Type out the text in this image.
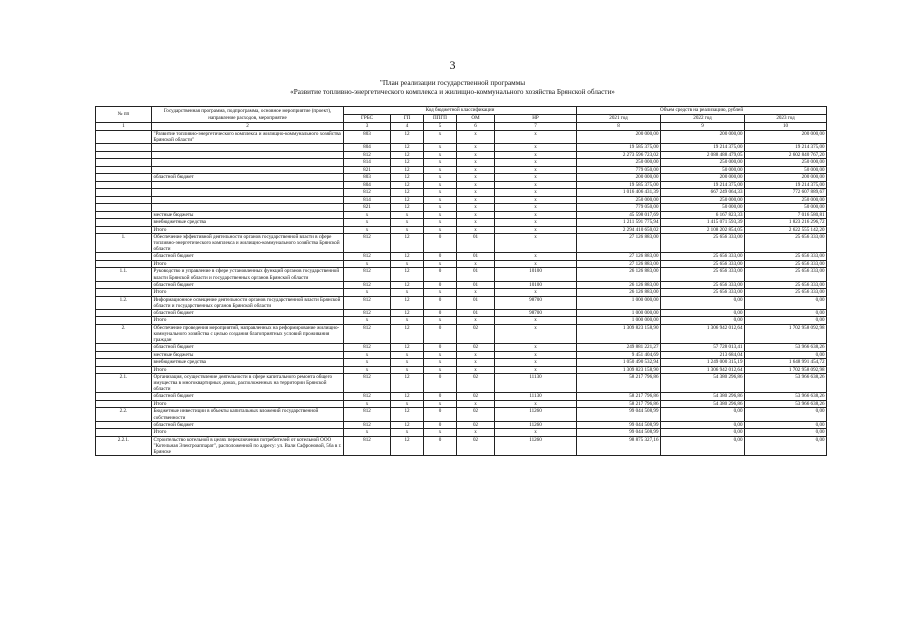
3
"План реализации государственной программы
«Развитие топливно-энергетического комплекса и жилищно-коммунального хозяйства Брянской области»
№ пп	Государственная программа, подпрограмма, основное мероприятие (проект), направление расходов, мероприятие	Код бюджетной классификации					Объем средств на реализацию, рублей		
		ГРБС	ГП	ППГП	ОМ	НР	2021 год	2022 год	2023 год
1	2	3	4	5	6	7	8	9	10
	"Развитие топливно-энергетического комплекса и жилищно-коммунального хозяйства Брянской области"	803	12	х	х	х	200 000,00	200 000,00	200 000,00
		804	12	х	х	х	19 585 375,00	19 214 375,00	19 214 375,00
		812	12	х	х	х	2 273 596 723,02	2 088 488 479,05	2 602 840 767,20
		814	12	х	х	х	250 000,00	250 000,00	250 000,00
		821	12	х	х	х	779 050,00	50 000,00	50 000,00
	областной бюджет	803	12	х	х	х	200 000,00	200 000,00	200 000,00
		804	12	х	х	х	19 585 375,00	19 214 375,00	19 214 375,00
		812	12	х	х	х	1 016 406 431,39	667 249 064,33	772 607 889,67
		814	12	х	х	х	250 000,00	250 000,00	250 000,00
		821	12	х	х	х	779 050,00	50 000,00	50 000,00
	местные бюджеты	х	х	х	х	х	45 598 017,69	6 167 823,33	7 016 580,81
	внебюджетные средства	х	х	х	х	х	1 211 591 775,94	1 415 071 593,39	1 823 216 296,72
	Итого	х	х	х	х	х	2 294 410 650,02	2 108 202 854,05	2 622 555 142,20
1.	Обеспечение эффективной деятельности органов государственной власти в сфере топливно-энергетического комплекса и жилищно-коммунального хозяйства Брянской области	812	12	0	01	х	27 126 883,00	25 656 333,00	25 656 333,00
	областной бюджет	812	12	0	01	х	27 126 883,00	25 656 333,00	25 656 333,00
	Итого	х	х	х	х	х	27 126 883,00	25 656 333,00	25 656 333,00
1.1.	Руководство и управление в сфере установленных функций органов государственной власти Брянской области и государственных органов Брянской области	812	12	0	01	10100	26 126 883,00	25 656 333,00	25 656 333,00
	областной бюджет	812	12	0	01	10100	26 126 883,00	25 656 333,00	25 656 333,00
	Итого	х	х	х	х	х	26 126 883,00	25 656 333,00	25 656 333,00
1.2.	Информационное освещение деятельности органов государственной власти Брянской области и государственных органов Брянской области	812	12	0	01	98700	1 000 000,00	0,00	0,00
	областной бюджет	812	12	0	01	98700	1 000 000,00	0,00	0,00
	Итого	х	х	х	х	х	1 000 000,00	0,00	0,00
2.	Обеспечение проведения мероприятий, направленных на реформирование жилищно-коммунального хозяйства с целью создания благоприятных условий проживания граждан	812	12	0	02	х	1 309 823 158,90	1 306 942 012,64	1 702 958 092,98
	областной бюджет	812	12	0	02	х	249 881 221,27	57 728 013,41	53 966 638,26
	местные бюджеты	х	х	х	х	х	9 451 404,69	213 684,04	0,00
	внебюджетные средства	х	х	х	х	х	1 050 490 532,94	1 249 000 315,19	1 648 991 454,72
	Итого	х	х	х	х	х	1 309 823 158,90	1 306 942 012,64	1 702 958 092,98
2.1.	Организация, осуществление деятельности в сфере капитального ремонта общего имущества в многоквартирных домах, расположенных на территории Брянской области	812	12	0	02	11130	58 217 796,86	54 380 296,86	53 966 638,26
	областной бюджет	812	12	0	02	11130	58 217 796,86	54 380 296,86	53 966 638,26
	Итого	х	х	х	х	х	58 217 796,86	54 380 296,86	53 966 638,26
2.2.	Бюджетные инвестиции в объекты капитальных вложений государственной собственности	812	12	0	02	11260	99 044 508,99	0,00	0,00
	областной бюджет	812	12	0	02	11260	99 044 508,99	0,00	0,00
	Итого	х	х	х	х	х	99 044 508,99	0,00	0,00
2.2.1.	Строительство котельной в целях переключения потребителей от котельной ООО "Котельная Электроаппарат", расположенной по адресу: ул. Вали Сафроновой, 56а в г. Брянске	812	12	0	02	11260	98 875 327,16	0,00	0,00
